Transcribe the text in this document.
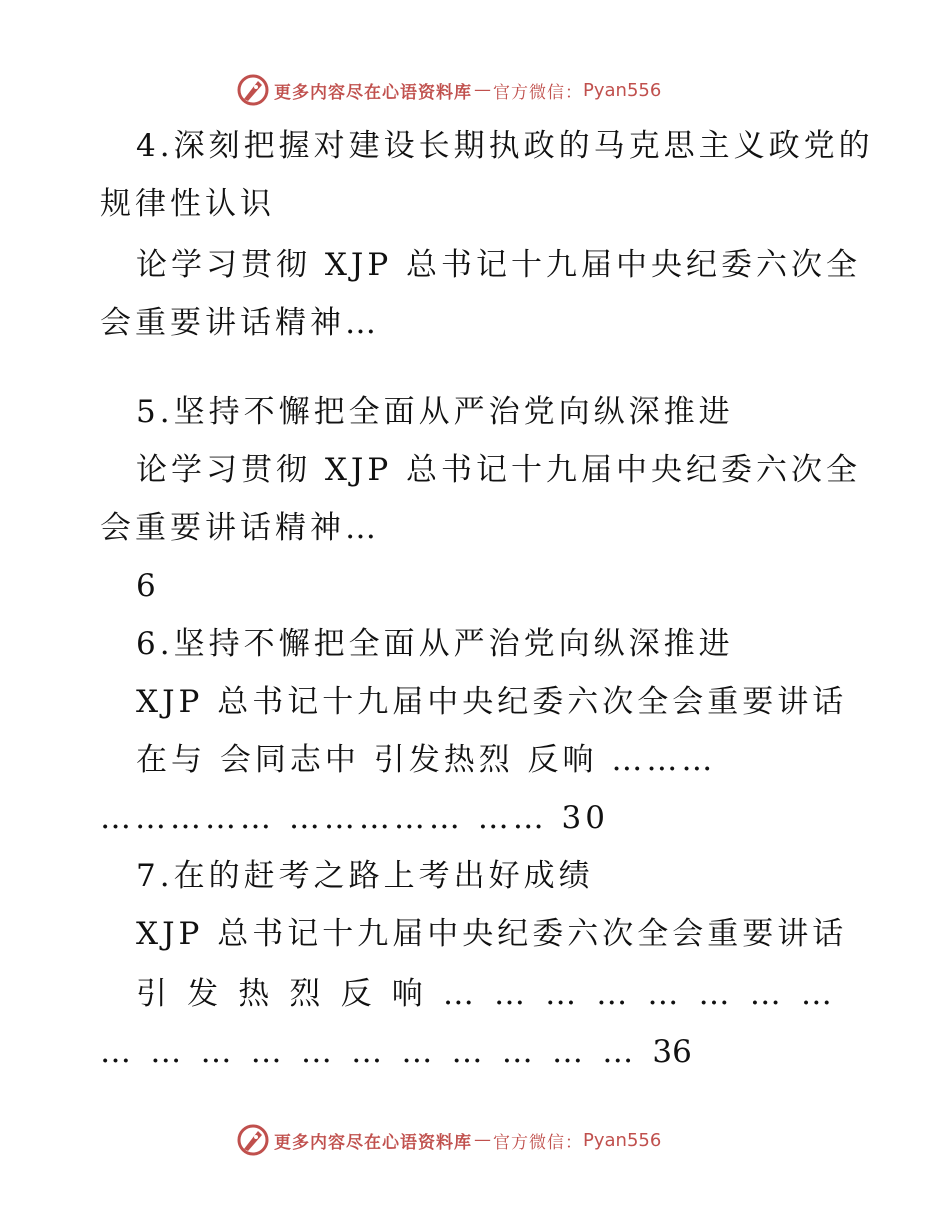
更多内容尽在心语资料库 — 官方微信： Pyan556
4.深刻把握对建设长期执政的马克思主义政党的
规律性认识
论学习贯彻 XJP 总书记十九届中央纪委六次全
会重要讲话精神…
5.坚持不懈把全面从严治党向纵深推进
论学习贯彻 XJP 总书记十九届中央纪委六次全
会重要讲话精神…
6
6.坚持不懈把全面从严治党向纵深推进
XJP 总书记十九届中央纪委六次全会重要讲话
在与 会同志中 引发热烈 反响 ………
…………… …………… …… 30
7.在的赶考之路上考出好成绩
XJP 总书记十九届中央纪委六次全会重要讲话
引 发 热 烈 反 响 … … … … … … … …
… … … … … … … … … … … 36
更多内容尽在心语资料库 — 官方微信： Pyan556
